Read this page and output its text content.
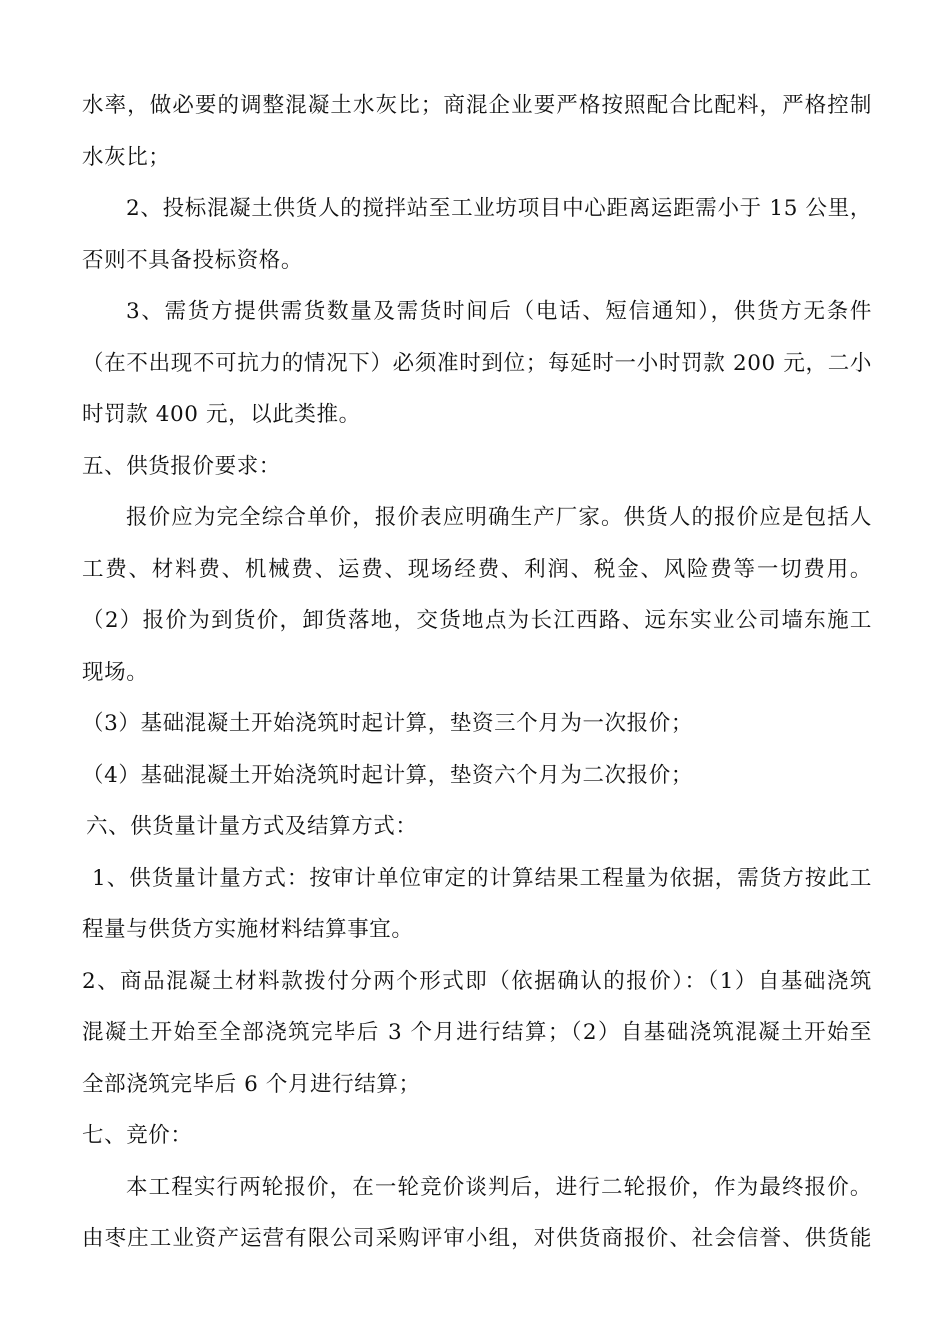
水率，做必要的调整混凝土水灰比；商混企业要严格按照配合比配料，严格控制
水灰比；
2、投标混凝土供货人的搅拌站至工业坊项目中心距离运距需小于 15 公里，
否则不具备投标资格。
3、需货方提供需货数量及需货时间后（电话、短信通知），供货方无条件
（在不出现不可抗力的情况下）必须准时到位；每延时一小时罚款 200 元，二小
时罚款 400 元，以此类推。
五、供货报价要求：
报价应为完全综合单价，报价表应明确生产厂家。供货人的报价应是包括人
工费、材料费、机械费、运费、现场经费、利润、税金、风险费等一切费用。
（2）报价为到货价，卸货落地，交货地点为长江西路、远东实业公司墙东施工
现场。
（3）基础混凝土开始浇筑时起计算，垫资三个月为一次报价；
（4）基础混凝土开始浇筑时起计算，垫资六个月为二次报价；
六、供货量计量方式及结算方式：
1、供货量计量方式：按审计单位审定的计算结果工程量为依据，需货方按此工
程量与供货方实施材料结算事宜。
2、商品混凝土材料款拨付分两个形式即（依据确认的报价）：（1）自基础浇筑
混凝土开始至全部浇筑完毕后 3 个月进行结算；（2）自基础浇筑混凝土开始至
全部浇筑完毕后 6 个月进行结算；
七、竞价：
本工程实行两轮报价，在一轮竞价谈判后，进行二轮报价，作为最终报价。
由枣庄工业资产运营有限公司采购评审小组，对供货商报价、社会信誉、供货能
